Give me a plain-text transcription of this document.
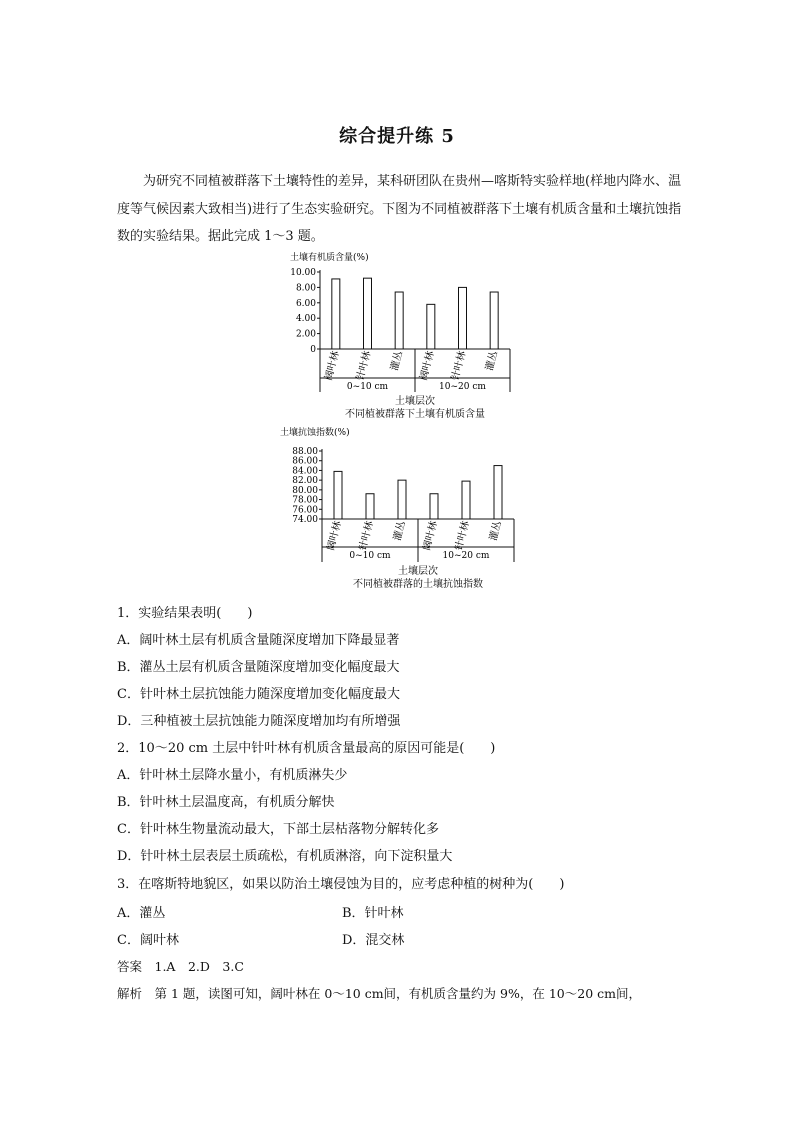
综合提升练 5
为研究不同植被群落下土壤特性的差异，某科研团队在贵州—喀斯特实验样地(样地内降水、温度等气候因素大致相当)进行了生态实验研究。下图为不同植被群落下土壤有机质含量和土壤抗蚀指数的实验结果。据此完成 1～3 题。
土壤有机质含量(%)
10.00
8.00
6.00
4.00
2.00
0 阔叶林 针叶林 灌丛 阔叶林 针叶林 灌丛
0~10 cm	10~20 cm
土壤层次
不同植被群落下土壤有机质含量
土壤抗蚀指数(%)
88.00
86.00
84.00
82.00
80.00
78.00
76.00
74.00 阔叶林 针叶林 灌丛 阔叶林 针叶林 灌丛
0~10 cm	10~20 cm
土壤层次
不同植被群落的土壤抗蚀指数
1．实验结果表明(　　)
A．阔叶林土层有机质含量随深度增加下降最显著
B．灌丛土层有机质含量随深度增加变化幅度最大
C．针叶林土层抗蚀能力随深度增加变化幅度最大
D．三种植被土层抗蚀能力随深度增加均有所增强
2．10～20 cm 土层中针叶林有机质含量最高的原因可能是(　　)
A．针叶林土层降水量小，有机质淋失少
B．针叶林土层温度高，有机质分解快
C．针叶林生物量流动最大，下部土层枯落物分解转化多
D．针叶林土层表层土质疏松，有机质淋溶，向下淀积量大
3．在喀斯特地貌区，如果以防治土壤侵蚀为目的，应考虑种植的树种为(　　)
A．灌丛	B．针叶林
C．阔叶林	D．混交林
答案　1.A　2.D　3.C
解析　第 1 题，读图可知，阔叶林在 0～10 cm间，有机质含量约为 9%，在 10～20 cm间，
